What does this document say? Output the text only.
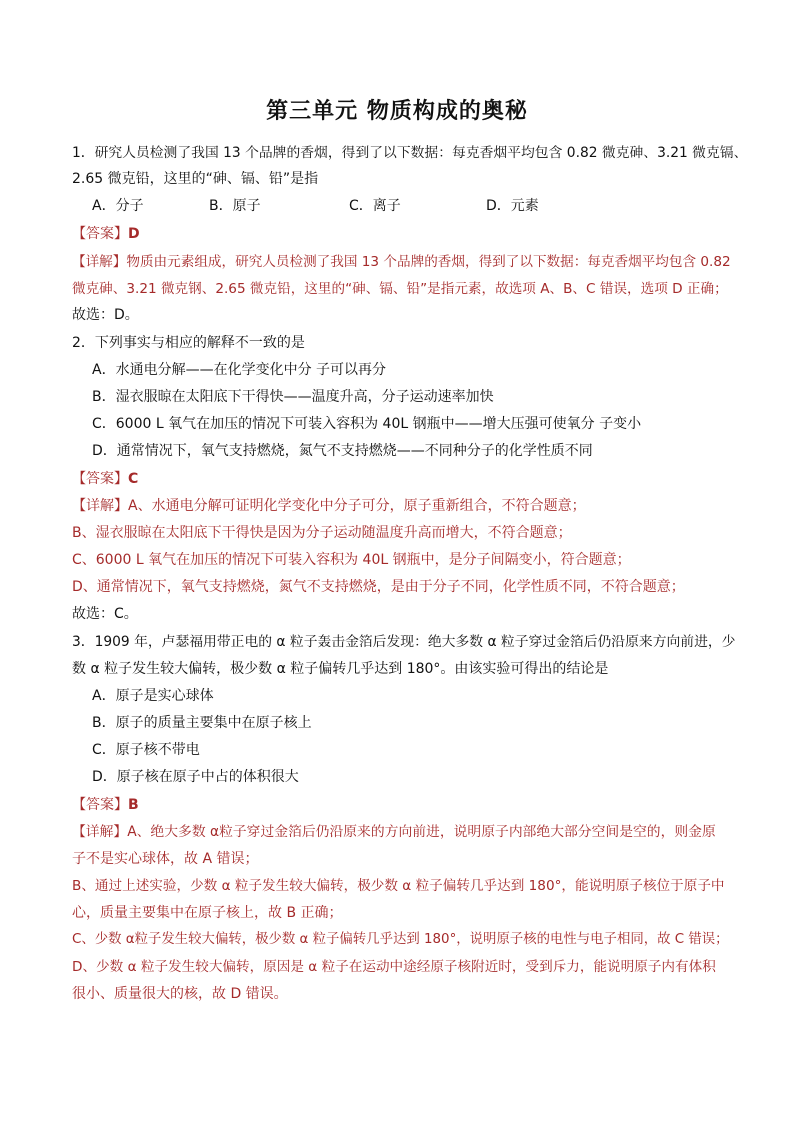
第三单元 物质构成的奥秘
1．研究人员检测了我国 13 个品牌的香烟，得到了以下数据：每克香烟平均包含 0.82 微克砷、3.21 微克镉、
2.65 微克铅，这里的“砷、镉、铅”是指
A．分子	B．原子	C．离子	D．元素
【答案】D
【详解】物质由元素组成，研究人员检测了我国 13 个品牌的香烟，得到了以下数据：每克香烟平均包含 0.82
微克砷、3.21 微克钢、2.65 微克铅，这里的“砷、镉、铅”是指元素，故选项 A、B、C 错误，选项 D 正确；
故选：D。
2．下列事实与相应的解释不一致的是
A．水通电分解——在化学变化中分 子可以再分
B．湿衣服晾在太阳底下干得快——温度升高，分子运动速率加快
C．6000 L 氧气在加压的情况下可装入容积为 40L 钢瓶中——增大压强可使氧分 子变小
D．通常情况下，氧气支持燃烧，氮气不支持燃烧——不同种分子的化学性质不同
【答案】C
【详解】A、水通电分解可证明化学变化中分子可分，原子重新组合，不符合题意；
B、湿衣服晾在太阳底下干得快是因为分子运动随温度升高而增大，不符合题意；
C、6000 L 氧气在加压的情况下可装入容积为 40L 钢瓶中，是分子间隔变小，符合题意；
D、通常情况下，氧气支持燃烧，氮气不支持燃烧，是由于分子不同，化学性质不同，不符合题意；
故选：C。
3．1909 年，卢瑟福用带正电的 α 粒子轰击金箔后发现：绝大多数 α 粒子穿过金箔后仍沿原来方向前进，少
数 α 粒子发生较大偏转，极少数 α 粒子偏转几乎达到 180°。由该实验可得出的结论是
A．原子是实心球体
B．原子的质量主要集中在原子核上
C．原子核不带电
D．原子核在原子中占的体积很大
【答案】B
【详解】A、绝大多数 α粒子穿过金箔后仍沿原来的方向前进，说明原子内部绝大部分空间是空的，则金原
子不是实心球体，故 A 错误；
B、通过上述实验，少数 α 粒子发生较大偏转，极少数 α 粒子偏转几乎达到 180°，能说明原子核位于原子中
心，质量主要集中在原子核上，故 B 正确；
C、少数 α粒子发生较大偏转，极少数 α 粒子偏转几乎达到 180°，说明原子核的电性与电子相同，故 C 错误；
D、少数 α 粒子发生较大偏转，原因是 α 粒子在运动中途经原子核附近时，受到斥力，能说明原子内有体积
很小、质量很大的核，故 D 错误。
